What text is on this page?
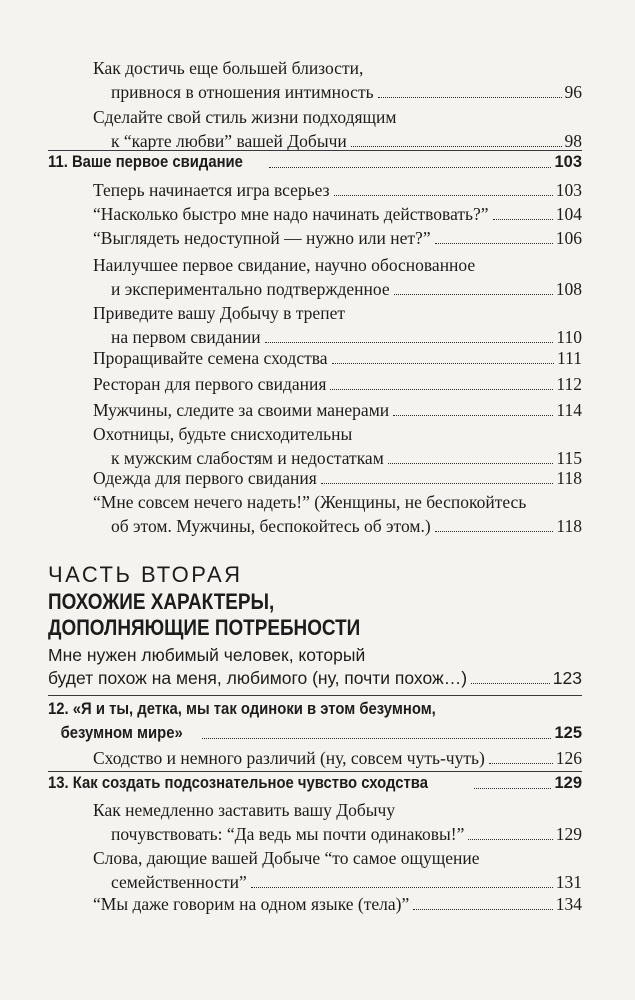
Как достичь еще большей близости,
привнося в отношения интимность	96
Сделайте свой стиль жизни подходящим
к “карте любви” вашей Добычи	98
11. Ваше первое свидание	103
Теперь начинается игра всерьез	103
“Насколько быстро мне надо начинать действовать?”	104
“Выглядеть недоступной — нужно или нет?”	106
Наилучшее первое свидание, научно обоснованное
и экспериментально подтвержденное	108
Приведите вашу Добычу в трепет
на первом свидании	110
Проращивайте семена сходства	111
Ресторан для первого свидания	112
Мужчины, следите за своими манерами	114
Охотницы, будьте снисходительны
к мужским слабостям и недостаткам	115
Одежда для первого свидания	118
“Мне совсем нечего надеть!” (Женщины, не беспокойтесь
об этом. Мужчины, беспокойтесь об этом.)	118
ЧАСТЬ ВТОРАЯ
ПОХОЖИЕ ХАРАКТЕРЫ,
ДОПОЛНЯЮЩИЕ ПОТРЕБНОСТИ
Мне нужен любимый человек, который
будет похож на меня, любимого (ну, почти похож…)	123
12. «Я и ты, детка, мы так одиноки в этом безумном,
безумном мире»	125
Сходство и немного различий (ну, совсем чуть-чуть)	126
13. Как создать подсознательное чувство сходства	129
Как немедленно заставить вашу Добычу
почувствовать: “Да ведь мы почти одинаковы!”	129
Слова, дающие вашей Добыче “то самое ощущение
семейственности”	131
“Мы даже говорим на одном языке (тела)”	134
